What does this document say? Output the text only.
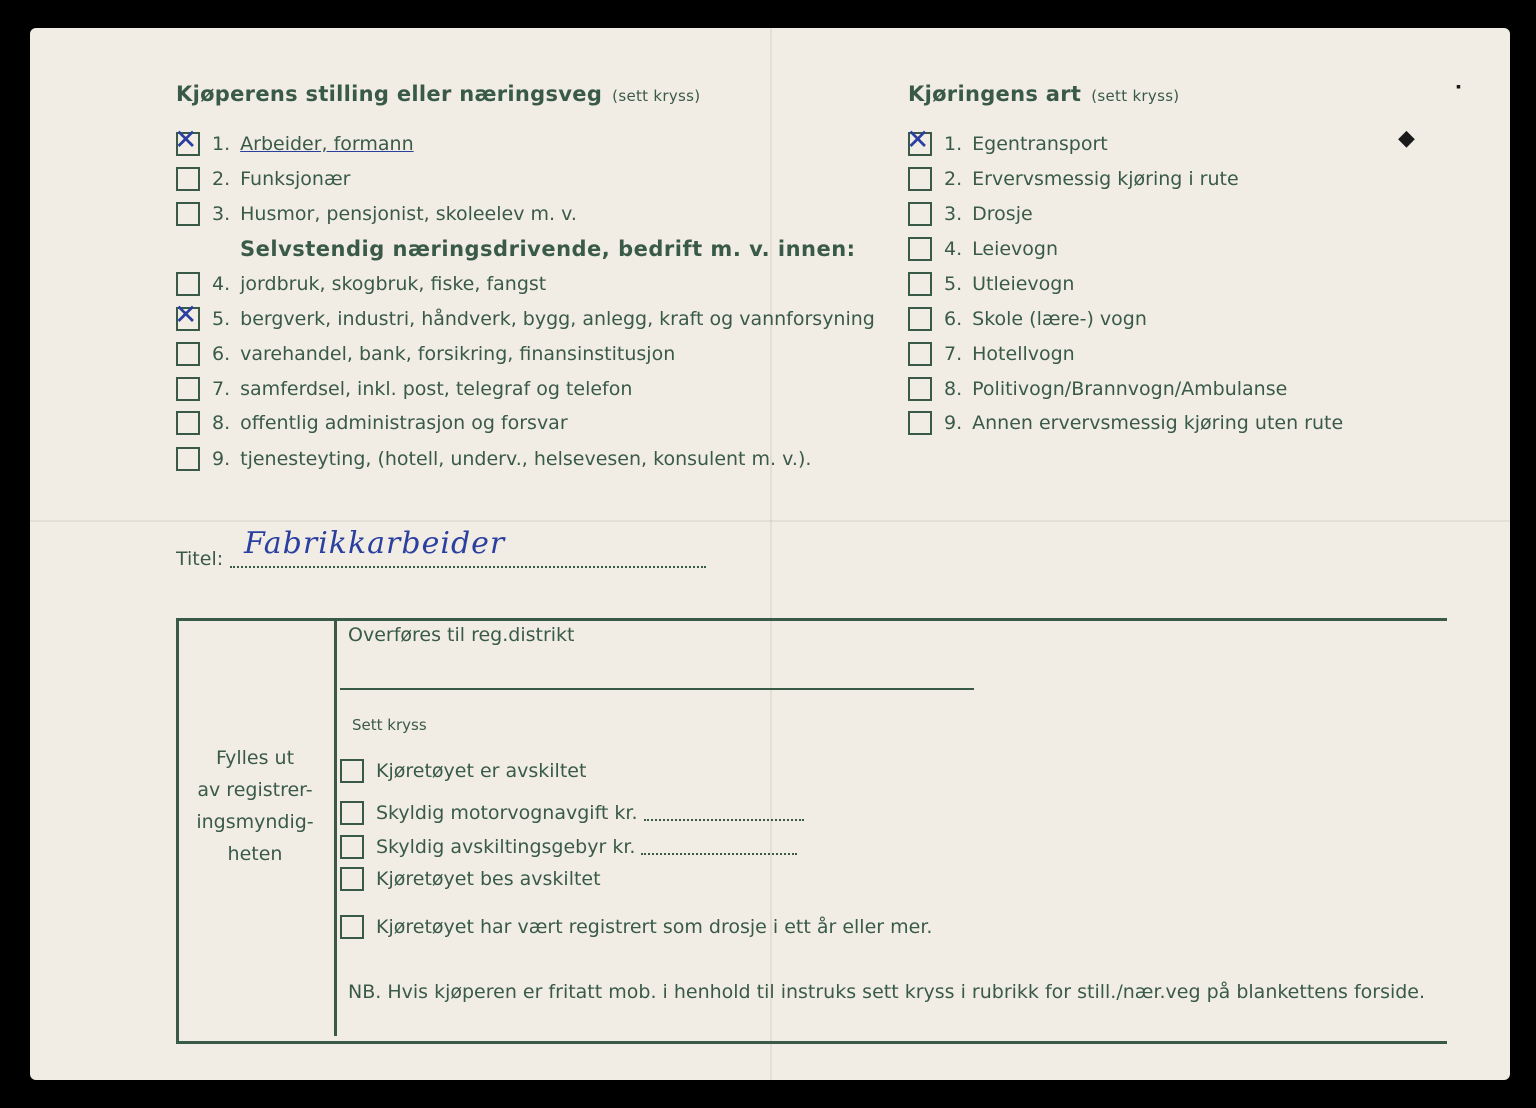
Kjøperens stilling eller næringsveg (sett kryss)
✕ 1. Arbeider, formann
2. Funksjonær
3. Husmor, pensjonist, skoleelev m. v.
Selvstendig næringsdrivende, bedrift m. v. innen:
4. jordbruk, skogbruk, fiske, fangst
✕ 5. bergverk, industri, håndverk, bygg, anlegg, kraft og vannforsyning
6. varehandel, bank, forsikring, finansinstitusjon
7. samferdsel, inkl. post, telegraf og telefon
8. offentlig administrasjon og forsvar
9. tjenesteyting, (hotell, underv., helsevesen, konsulent m. v.).
Kjøringens art (sett kryss)
✕ 1. Egentransport
2. Ervervsmessig kjøring i rute
3. Drosje
4. Leievogn
5. Utleievogn
6. Skole (lære-) vogn
7. Hotellvogn
8. Politivogn/Brannvogn/Ambulanse
9. Annen ervervsmessig kjøring uten rute
⬝
◆
Titel: Fabrikkarbeider
Fylles ut
av registrer-
ingsmyndig-
heten
Overføres til reg.distrikt
Sett kryss
Kjøretøyet er avskiltet
Skyldig motorvognavgift kr.
Skyldig avskiltingsgebyr kr.
Kjøretøyet bes avskiltet
Kjøretøyet har vært registrert som drosje i ett år eller mer.
NB. Hvis kjøperen er fritatt mob. i henhold til instruks sett kryss i rubrikk for still./nær.veg på blankettens forside.
